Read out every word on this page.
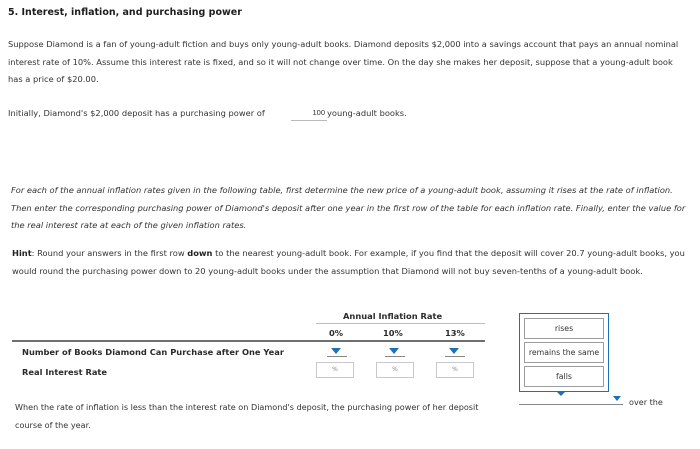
5. Interest, inflation, and purchasing power
Suppose Diamond is a fan of young-adult fiction and buys only young-adult books. Diamond deposits $2,000 into a savings account that pays an annual nominal interest rate of 10%. Assume this interest rate is fixed, and so it will not change over time. On the day she makes her deposit, suppose that a young-adult book has a price of $20.00.
Initially, Diamond's $2,000 deposit has a purchasing power of
100	young-adult books.
For each of the annual inflation rates given in the following table, first determine the new price of a young-adult book, assuming it rises at the rate of inflation. Then enter the corresponding purchasing power of Diamond's deposit after one year in the first row of the table for each inflation rate. Finally, enter the value for the real interest rate at each of the given inflation rates.
Hint: Round your answers in the first row down to the nearest young-adult book. For example, if you find that the deposit will cover 20.7 young-adult books, you would round the purchasing power down to 20 young-adult books under the assumption that Diamond will not buy seven-tenths of a young-adult book.
Annual Inflation Rate
0%	10%	13%
Number of Books Diamond Can Purchase after One Year
Real Interest Rate	%	%	%
rises
remains the same
falls
When the rate of inflation is less than the interest rate on Diamond's deposit, the purchasing power of her deposit	over the
course of the year.
